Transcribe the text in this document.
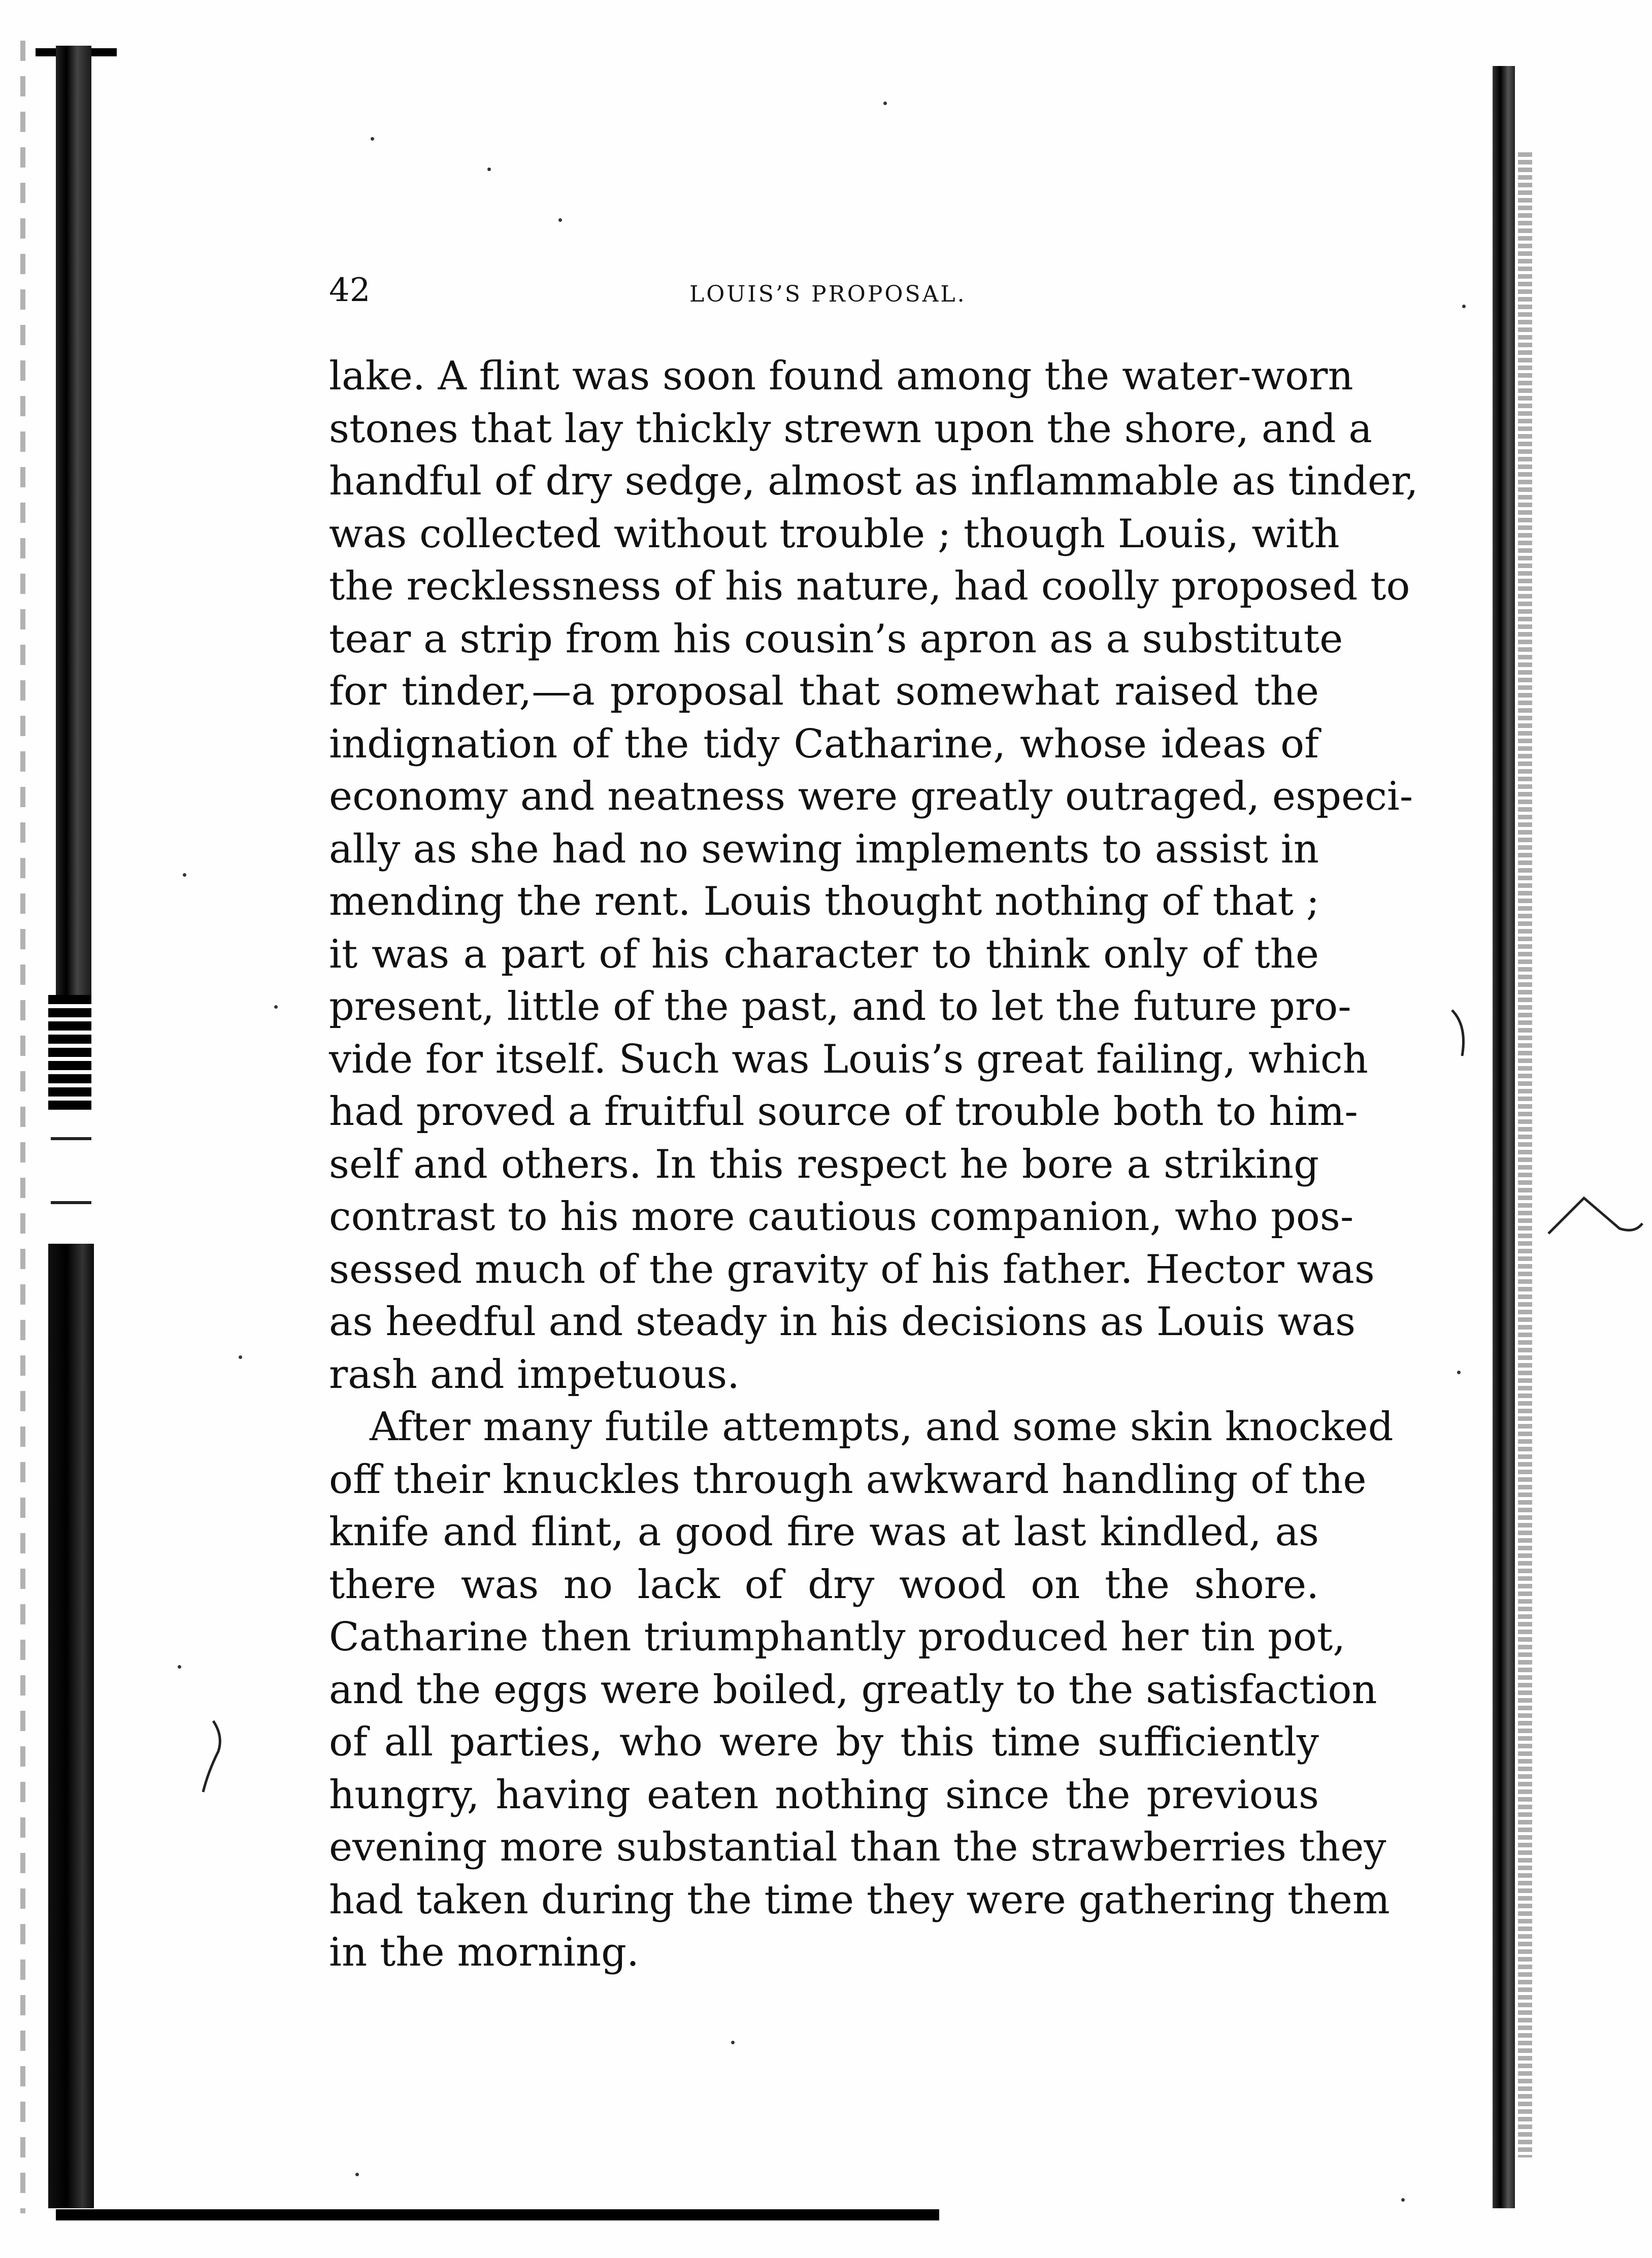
42	LOUIS’S PROPOSAL.
lake. A flint was soon found among the water-worn
stones that lay thickly strewn upon the shore, and a
handful of dry sedge, almost as inflammable as tinder,
was collected without trouble ; though Louis, with
the recklessness of his nature, had coolly proposed to
tear a strip from his cousin’s apron as a substitute
for tinder,—a proposal that somewhat raised the
indignation of the tidy Catharine, whose ideas of
economy and neatness were greatly outraged, especi-
ally as she had no sewing implements to assist in
mending the rent. Louis thought nothing of that ;
it was a part of his character to think only of the
present, little of the past, and to let the future pro-
vide for itself. Such was Louis’s great failing, which
had proved a fruitful source of trouble both to him-
self and others. In this respect he bore a striking
contrast to his more cautious companion, who pos-
sessed much of the gravity of his father. Hector was
as heedful and steady in his decisions as Louis was
rash and impetuous.
After many futile attempts, and some skin knocked
off their knuckles through awkward handling of the
knife and flint, a good fire was at last kindled, as
there was no lack of dry wood on the shore.
Catharine then triumphantly produced her tin pot,
and the eggs were boiled, greatly to the satisfaction
of all parties, who were by this time sufficiently
hungry, having eaten nothing since the previous
evening more substantial than the strawberries they
had taken during the time they were gathering them
in the morning.
